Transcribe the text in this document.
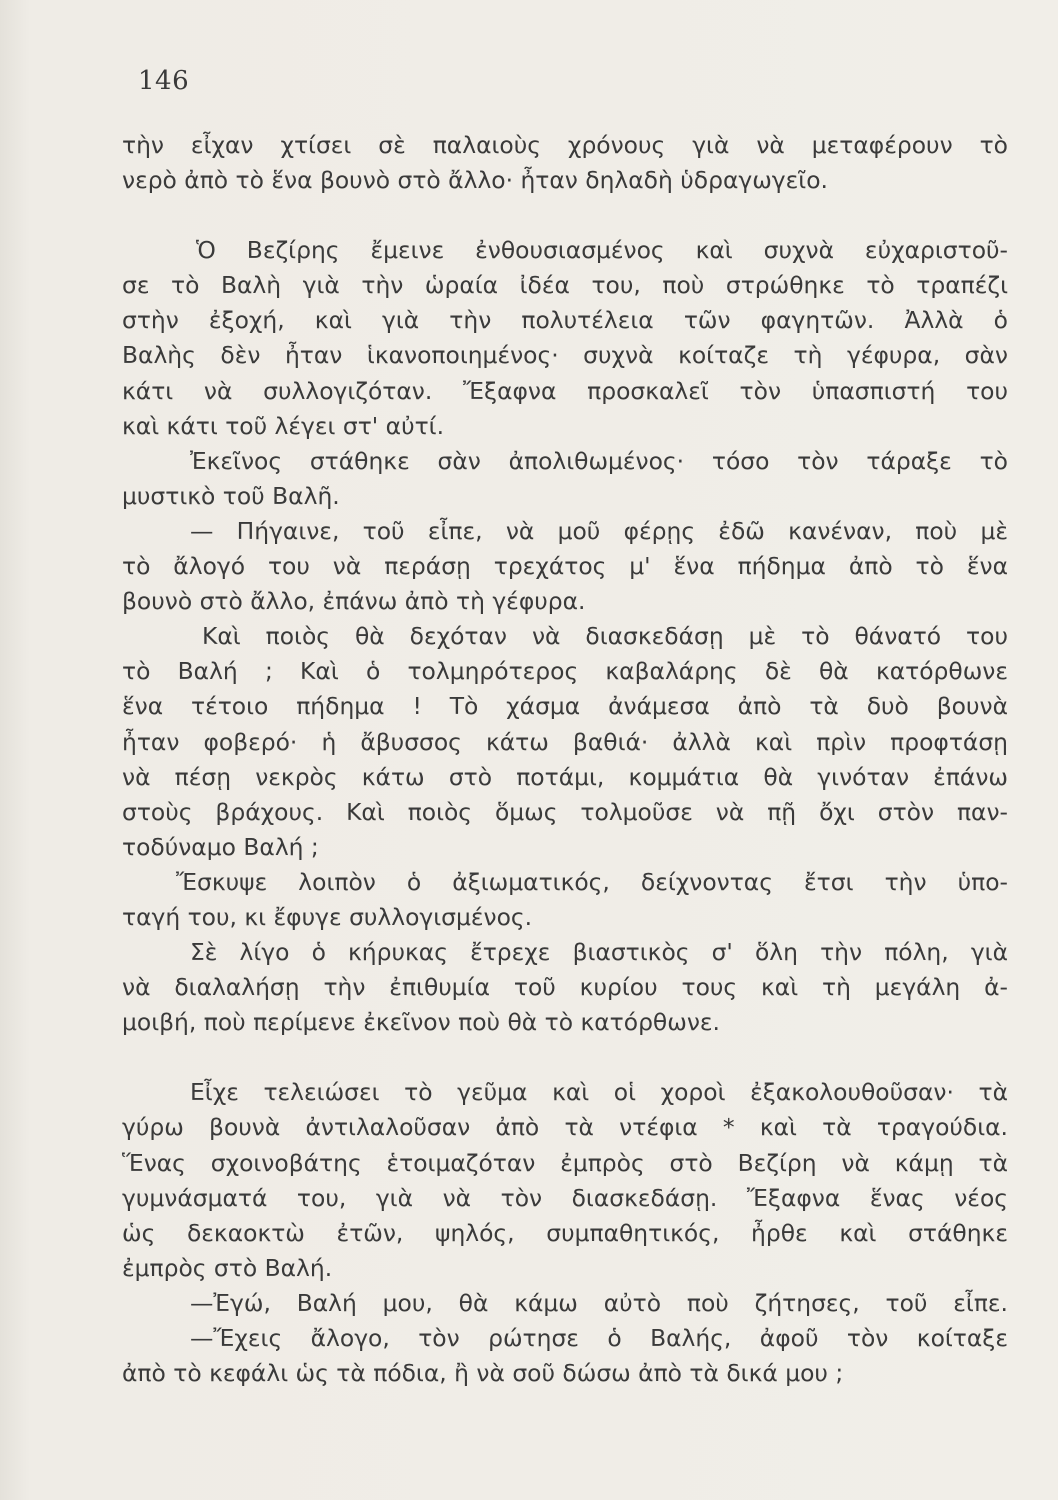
146
τὴν εἶχαν χτίσει σὲ παλαιοὺς χρόνους γιὰ νὰ μεταφέρουν τὸ
νερὸ ἀπὸ τὸ ἕνα βουνὸ στὸ ἄλλο· ἦταν δηλαδὴ ὑδραγωγεῖο.
Ὁ Βεζίρης ἔμεινε ἐνθουσιασμένος καὶ συχνὰ εὐχαριστοῦ-
σε τὸ Βαλὴ γιὰ τὴν ὡραία ἰδέα του, ποὺ στρώθηκε τὸ τραπέζι
στὴν ἐξοχή, καὶ γιὰ τὴν πολυτέλεια τῶν φαγητῶν. Ἀλλὰ ὁ
Βαλὴς δὲν ἦταν ἱκανοποιημένος· συχνὰ κοίταζε τὴ γέφυρα, σὰν
κάτι νὰ συλλογιζόταν. Ἔξαφνα προσκαλεῖ τὸν ὑπασπιστή του
καὶ κάτι τοῦ λέγει στ' αὐτί.
Ἐκεῖνος στάθηκε σὰν ἀπολιθωμένος· τόσο τὸν τάραξε τὸ
μυστικὸ τοῦ Βαλῆ.
— Πήγαινε, τοῦ εἶπε, νὰ μοῦ φέρῃς ἐδῶ κανέναν, ποὺ μὲ
τὸ ἄλογό του νὰ περάσῃ τρεχάτος μ' ἕνα πήδημα ἀπὸ τὸ ἕνα
βουνὸ στὸ ἄλλο, ἐπάνω ἀπὸ τὴ γέφυρα.
Καὶ ποιὸς θὰ δεχόταν νὰ διασκεδάσῃ μὲ τὸ θάνατό του
τὸ Βαλή ; Καὶ ὁ τολμηρότερος καβαλάρης δὲ θὰ κατόρθωνε
ἕνα τέτοιο πήδημα ! Τὸ χάσμα ἀνάμεσα ἀπὸ τὰ δυὸ βουνὰ
ἦταν φοβερό· ἡ ἄβυσσος κάτω βαθιά· ἀλλὰ καὶ πρὶν προφτάσῃ
νὰ πέσῃ νεκρὸς κάτω στὸ ποτάμι, κομμάτια θὰ γινόταν ἐπάνω
στοὺς βράχους. Καὶ ποιὸς ὅμως τολμοῦσε νὰ πῇ ὄχι στὸν παν-
τοδύναμο Βαλή ;
Ἔσκυψε λοιπὸν ὁ ἀξιωματικός, δείχνοντας ἔτσι τὴν ὑπο-
ταγή του, κι ἔφυγε συλλογισμένος.
Σὲ λίγο ὁ κήρυκας ἔτρεχε βιαστικὸς σ' ὅλη τὴν πόλη, γιὰ
νὰ διαλαλήσῃ τὴν ἐπιθυμία τοῦ κυρίου τους καὶ τὴ μεγάλη ἀ-
μοιβή, ποὺ περίμενε ἐκεῖνον ποὺ θὰ τὸ κατόρθωνε.
Εἶχε τελειώσει τὸ γεῦμα καὶ οἱ χοροὶ ἐξακολουθοῦσαν· τὰ
γύρω βουνὰ ἀντιλαλοῦσαν ἀπὸ τὰ ντέφια * καὶ τὰ τραγούδια.
Ἕνας σχοινοβάτης ἑτοιμαζόταν ἐμπρὸς στὸ Βεζίρη νὰ κάμῃ τὰ
γυμνάσματά του, γιὰ νὰ τὸν διασκεδάσῃ. Ἔξαφνα ἕνας νέος
ὡς δεκαοκτὼ ἐτῶν, ψηλός, συμπαθητικός, ἦρθε καὶ στάθηκε
ἐμπρὸς στὸ Βαλή.
—Ἐγώ, Βαλή μου, θὰ κάμω αὐτὸ ποὺ ζήτησες, τοῦ εἶπε.
—Ἔχεις ἄλογο, τὸν ρώτησε ὁ Βαλής, ἀφοῦ τὸν κοίταξε
ἀπὸ τὸ κεφάλι ὡς τὰ πόδια, ἢ νὰ σοῦ δώσω ἀπὸ τὰ δικά μου ;
